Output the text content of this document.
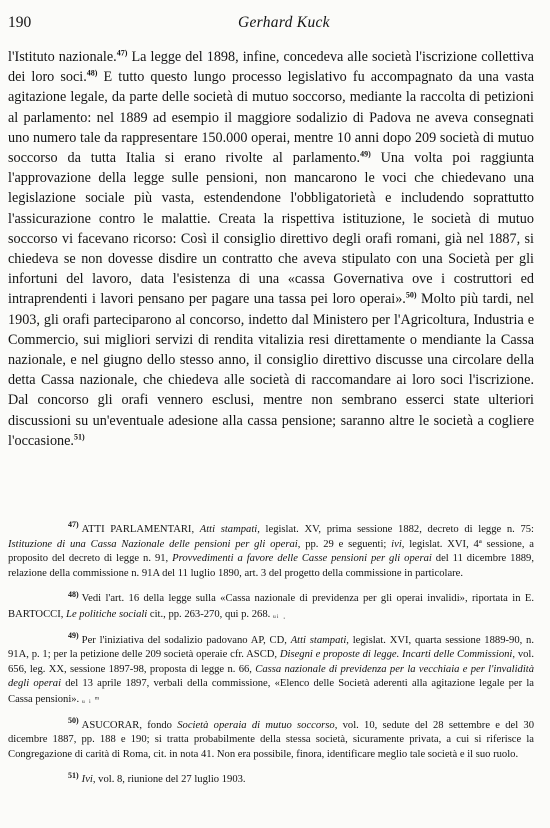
190	Gerhard Kuck

l'Istituto nazionale.$^{47)}$ La legge del 1898, infine, concedeva alle società l'iscrizione collettiva dei loro soci.$^{48)}$ E tutto questo lungo processo legislativo fu accompagnato da una vasta agitazione legale, da parte delle società di mutuo soccorso, mediante la raccolta di petizioni al parlamento: nel 1889 ad esempio il maggiore sodalizio di Padova ne aveva consegnati uno numero tale da rappresentare 150.000 operai, mentre 10 anni dopo 209 società di mutuo soccorso da tutta Italia si erano rivolte al parlamento.$^{49)}$ Una volta poi raggiunta l'approvazione della legge sulle pensioni, non mancarono le voci che chiedevano una legislazione sociale più vasta, estendendone l'obbligatorietà e includendo soprattutto l'assicurazione contro le malattie. Creata la rispettiva istituzione, le società di mutuo soccorso vi facevano ricorso: Così il consiglio direttivo degli orafi romani, già nel 1887, si chiedeva se non dovesse disdire un contratto che aveva stipulato con una Società per gli infortuni del lavoro, data l'esistenza di una «cassa Governativa ove i costruttori ed intraprendenti i lavori pensano per pagare una tassa pei loro operai».$^{50)}$ Molto più tardi, nel 1903, gli orafi parteciparono al concorso, indetto dal Ministero per l'Agricoltura, Industria e Commercio, sui migliori servizi di rendita vitalizia resi direttamente o mendiante la Cassa nazionale, e nel giugno dello stesso anno, il consiglio direttivo discusse una circolare della detta Cassa nazionale, che chiedeva alle società di raccomandare ai loro soci l'iscrizione. Dal concorso gli orafi vennero esclusi, mentre non sembrano esserci state ulteriori discussioni su un'eventuale adesione alla cassa pensione; saranno altre le società a cogliere l'occasione.$^{51)}$

$^{47)}$ ATTI PARLAMENTARI, Atti stampati, legislat. XV, prima sessione 1882, decreto di legge n. 75: Istituzione di una Cassa Nazionale delle pensioni per gli operai, pp. 29 e seguenti; ivi, legislat. XVI, 4ª sessione, a proposito del decreto di legge n. 91, Provvedimenti a favore delle Casse pensioni per gli operai del 11 dicembre 1889, relazione della commissione n. 91A del 11 luglio 1890, art. 3 del progetto della commissione in particolare.

$^{48)}$ Vedi l'art. 16 della legge sulla «Cassa nazionale di previdenza per gli operai invalidi», riportata in E. BARTOCCI, Le politiche sociali cit., pp. 263-270, qui p. 268. ᵤᵢ ˌ

$^{49)}$ Per l'iniziativa del sodalizio padovano AP, CD, Atti stampati, legislat. XVI, quarta sessione 1889-90, n. 91A, p. 1; per la petizione delle 209 società operaie cfr. ASCD, Disegni e proposte di legge. Incarti delle Commissioni, vol. 656, leg. XX, sessione 1897-98, proposta di legge n. 66, Cassa nazionale di previdenza per la vecchiaia e per l'invalidità degli operai del 13 aprile 1897, verbali della commissione, «Elenco delle Società aderenti alla agitazione legale per la Cassa pensioni». ᵤ ᵢ ᵐ

$^{50)}$ ASUCORAR, fondo Società operaia di mutuo soccorso, vol. 10, sedute del 28 settembre e del 30 dicembre 1887, pp. 188 e 190; si tratta probabilmente della stessa società, sicuramente privata, a cui si riferisce la Congregazione di carità di Roma, cit. in nota 41. Non era possibile, finora, identificare meglio tale società e il suo ruolo.

$^{51)}$ Ivi, vol. 8, riunione del 27 luglio 1903.
